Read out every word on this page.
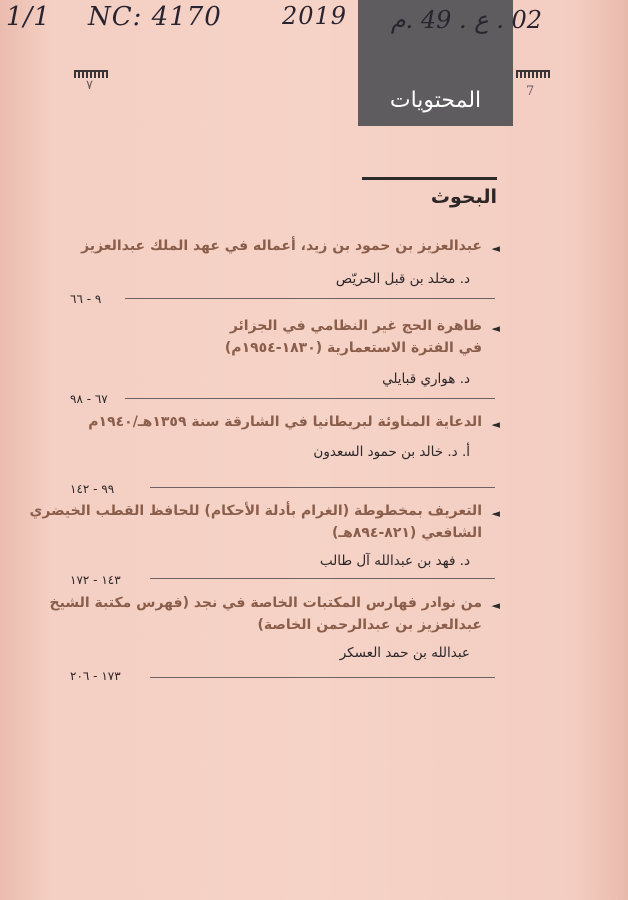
1/1 NC: 4170	2019 02 . ع . 49 .م
المحتويات
٧	7
البحوث
◄
عبدالعزيز بن حمود بن زيد، أعماله في عهد الملك عبدالعزيز
د. مخلد بن قبل الحريّص
٩ - ٦٦
◄
ظاهرة الحج غير النظامي في الجزائر
في الفترة الاستعمارية (١٨٣٠-١٩٥٤م)
د. هواري قبايلي
٦٧ - ٩٨
◄
الدعاية المناوئة لبريطانيا في الشارقة سنة ١٣٥٩هـ/١٩٤٠م
أ. د. خالد بن حمود السعدون
٩٩ - ١٤٢
◄
التعريف بمخطوطة (الغرام بأدلة الأحكام) للحافظ القطب الخيضري
الشافعي (٨٢١-٨٩٤هـ)
د. فهد بن عبدالله آل طالب
١٤٣ - ١٧٢
◄
من نوادر فهارس المكتبات الخاصة في نجد (فهرس مكتبة الشيخ
عبدالعزيز بن عبدالرحمن الخاصة)
عبدالله بن حمد العسكر
١٧٣ - ٢٠٦
